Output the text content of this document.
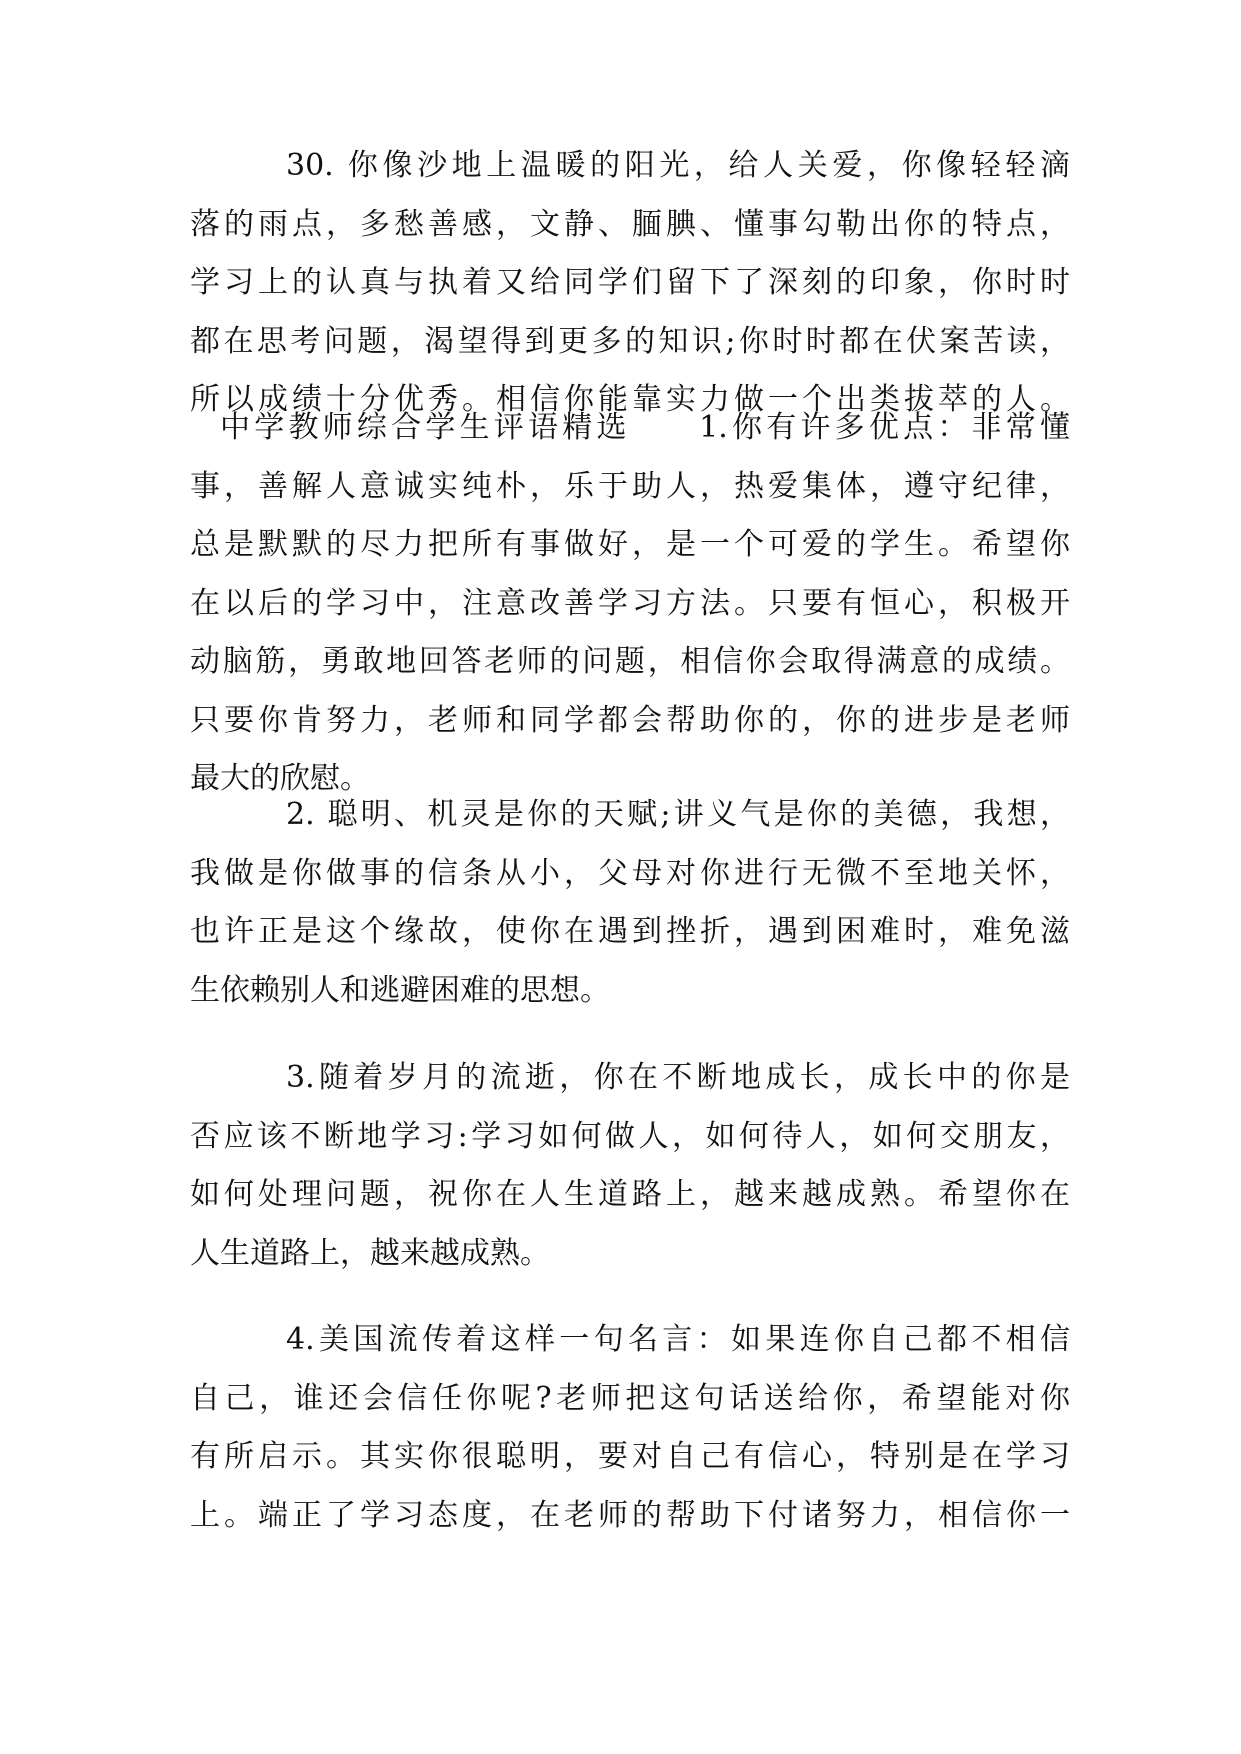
30. 你像沙地上温暖的阳光，给人关爱，你像轻轻滴
落的雨点，多愁善感，文静、腼腆、懂事勾勒出你的特点，
学习上的认真与执着又给同学们留下了深刻的印象，你时时
都在思考问题，渴望得到更多的知识;你时时都在伏案苦读，
所以成绩十分优秀。相信你能靠实力做一个出类拔萃的人。
中学教师综合学生评语精选　　1.你有许多优点：非常懂
事，善解人意诚实纯朴，乐于助人，热爱集体，遵守纪律，
总是默默的尽力把所有事做好，是一个可爱的学生。希望你
在以后的学习中，注意改善学习方法。只要有恒心，积极开
动脑筋，勇敢地回答老师的问题，相信你会取得满意的成绩。
只要你肯努力，老师和同学都会帮助你的，你的进步是老师
最大的欣慰。
2. 聪明、机灵是你的天赋;讲义气是你的美德，我想，
我做是你做事的信条从小，父母对你进行无微不至地关怀，
也许正是这个缘故，使你在遇到挫折，遇到困难时，难免滋
生依赖别人和逃避困难的思想。
3.随着岁月的流逝，你在不断地成长，成长中的你是
否应该不断地学习:学习如何做人，如何待人，如何交朋友，
如何处理问题，祝你在人生道路上，越来越成熟。希望你在
人生道路上，越来越成熟。
4.美国流传着这样一句名言：如果连你自己都不相信
自己，谁还会信任你呢?老师把这句话送给你，希望能对你
有所启示。其实你很聪明，要对自己有信心，特别是在学习
上。端正了学习态度，在老师的帮助下付诸努力，相信你一
